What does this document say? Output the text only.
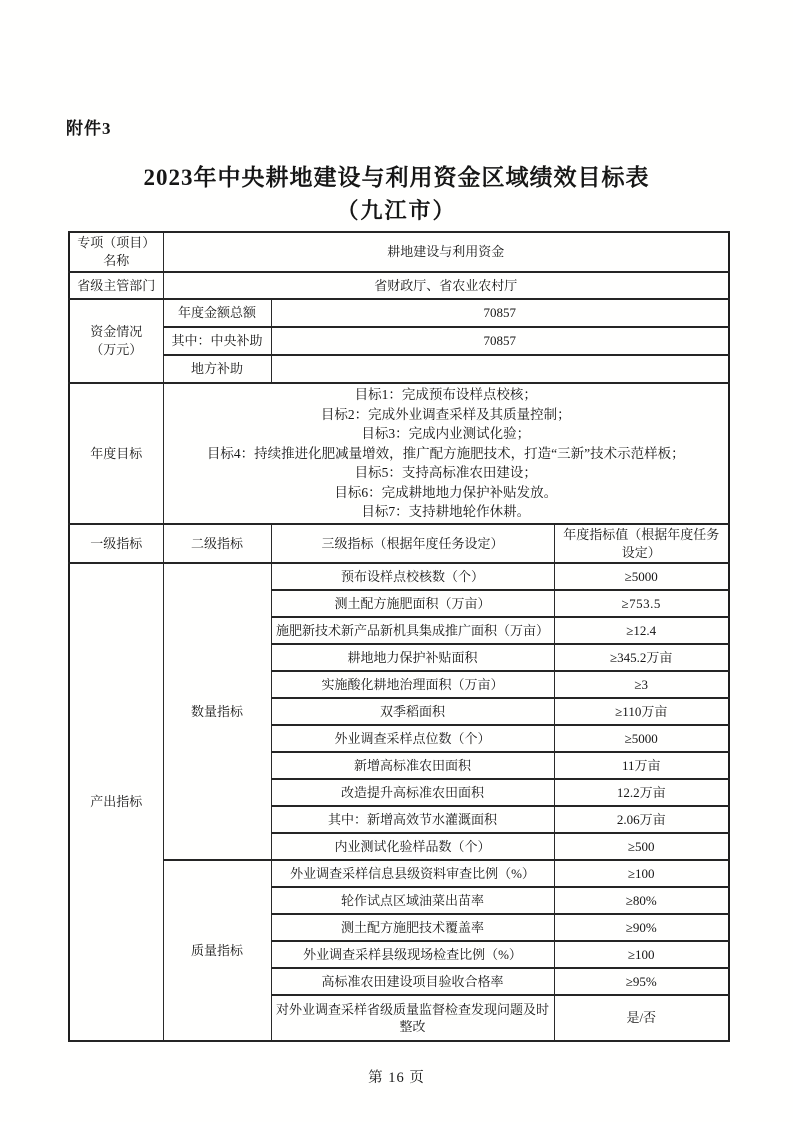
附件3
2023年中央耕地建设与利用资金区域绩效目标表
（九江市）
专项（项目）
名称	耕地建设与利用资金		
省级主管部门	省财政厅、省农业农村厅		

资金情况
（万元）	年度金额总额	70857	
	其中：中央补助	70857	
	地方补助		
年度目标	
目标1：完成预布设样点校核；
目标2：完成外业调查采样及其质量控制；
目标3：完成内业测试化验；
目标4：持续推进化肥减量增效，推广配方施肥技术，打造“三新”技术示范样板；
目标5：支持高标准农田建设；
目标6：完成耕地地力保护补贴发放。
目标7：支持耕地轮作休耕。

一级指标	二级指标	三级指标（根据年度任务设定）	年度指标值（根据年度任务设定）
产出指标	数量指标	预布设样点校核数（个）	≥5000
		测土配方施肥面积（万亩）	≥753.5
		施肥新技术新产品新机具集成推广面积（万亩）	≥12.4
		耕地地力保护补贴面积	≥345.2万亩
		实施酸化耕地治理面积（万亩）	≥3
		双季稻面积	≥110万亩
		外业调查采样点位数（个）	≥5000
		新增高标准农田面积	11万亩
		改造提升高标准农田面积	12.2万亩
		其中：新增高效节水灌溉面积	2.06万亩
		内业测试化验样品数（个）	≥500
	质量指标	外业调查采样信息县级资料审查比例（%）	≥100
		轮作试点区域油菜出苗率	≥80%
		测土配方施肥技术覆盖率	≥90%
		外业调查采样县级现场检查比例（%）	≥100
		高标准农田建设项目验收合格率	≥95%
		对外业调查采样省级质量监督检查发现问题及时整改	是/否
第 16 页
